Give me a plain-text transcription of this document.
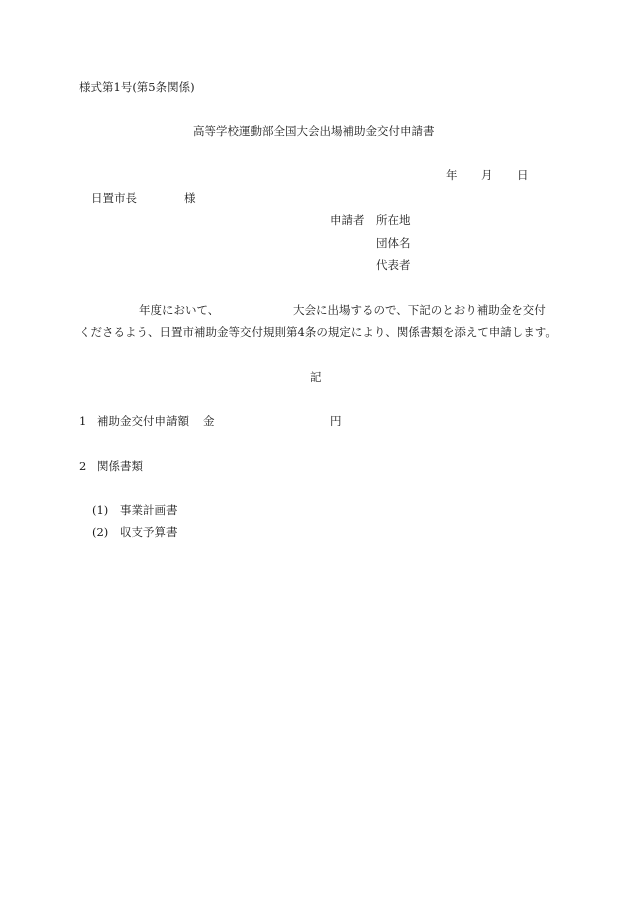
様式第1号(第5条関係)

高等学校運動部全国大会出場補助金交付申請書

年 月 日
日置市長	様
申請者 所在地
団体名
代表者
年度において、	大会に出場するので、下記のとおり補助金を交付
くださるよう、日置市補助金等交付規則第4条の規定により、関係書類を添えて申請します。
記
1 補助金交付申請額 金	円
2 関係書類
(1) 事業計画書
(2) 収支予算書
